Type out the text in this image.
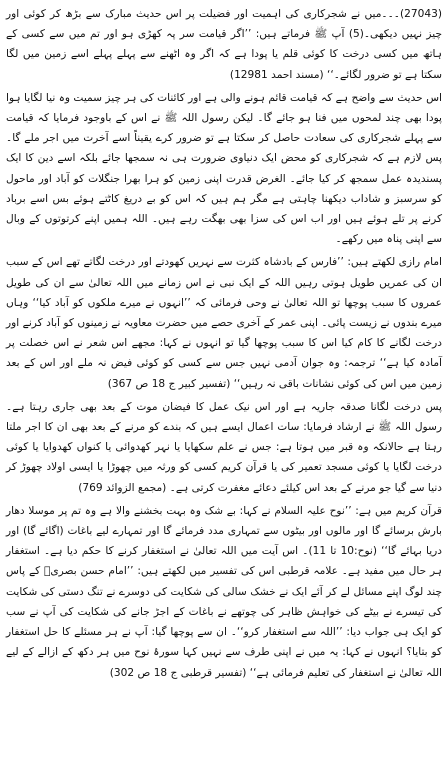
(27043)۔۔۔میں نے شجرکاری کی اہمیت اور فضیلت پر اس حدیث مبارک سے بڑھ کر کوئی اور چیز نہیں دیکھی۔(5) آپ ﷺ فرماتے ہیں: ’’اگر قیامت سر پہ کھڑی ہو اور تم میں سے کسی کے ہاتھ میں کسی درخت کا کوئی قلم یا پودا ہے کہ اگر وہ اٹھنے سے پہلے پہلے اسے زمین میں لگا سکتا ہے تو ضرور لگائے۔‘‘ (مسند احمد 12981)

اس حدیث سے واضح ہے کہ قیامت قائم ہونے والی ہے اور کائنات کی ہر چیز سمیت وہ نیا لگایا ہوا پودا بھی چند لمحوں میں فنا ہو جائے گا۔ لیکن رسول اللہ ﷺ نے اس کے باوجود فرمایا کہ قیامت سے پہلے شجرکاری کی سعادت حاصل کر سکتا ہے تو ضرور کرے یقیناً اسے آخرت میں اجر ملے گا۔ پس لازم ہے کہ شجرکاری کو محض ایک دنیاوی ضرورت ہی نہ سمجھا جائے بلکہ اسے دین کا ایک پسندیدہ عمل سمجھ کر کیا جائے۔ الغرض قدرت اپنی زمین کو ہرا بھرا جنگلات کو آباد اور ماحول کو سرسبز و شاداب دیکھنا چاہتی ہے مگر ہم ہیں کہ اس کو بے دریغ کاٹتے ہوئے بس اسے برباد کرنے پر تلے ہوئے ہیں اور اب اس کی سزا بھی بھگت رہے ہیں۔ اللہ ہمیں اپنے کرتوتوں کے وبال سے اپنی پناہ میں رکھے۔

امام رازی لکھتے ہیں: ’’فارس کے بادشاہ کثرت سے نہریں کھودتے اور درخت لگاتے تھے اس کے سبب ان کی عمریں طویل ہوتی رہیں اللہ کے ایک نبی نے اس زمانے میں اللہ تعالیٰ سے ان کی طویل عمروں کا سبب پوچھا تو اللہ تعالیٰ نے وحی فرمائی کہ ’’انہوں نے میرے ملکوں کو آباد کیا‘‘ وہاں میرے بندوں نے زیست پائی۔ اپنی عمر کے آخری حصے میں حضرت معاویہ نے زمینوں کو آباد کرنے اور درخت لگانے کا کام کیا اس کا سبب پوچھا گیا تو انہوں نے کہا: مجھے اس شعر نے اس خصلت پر آمادہ کیا ہے‘‘ ترجمہ: وہ جوان آدمی نہیں جس سے کسی کو کوئی فیض نہ ملے اور اس کے بعد زمین میں اس کی کوئی نشانات باقی نہ رہیں‘‘ (تفسیر کبیر ج 18 ص 367)

پس درخت لگانا صدقہ جاریہ ہے اور اس نیک عمل کا فیضان موت کے بعد بھی جاری رہتا ہے۔ رسول اللہ ﷺ نے ارشاد فرمایا: سات اعمال ایسے ہیں کہ بندے کو مرنے کے بعد بھی ان کا اجر ملتا رہتا ہے حالانکہ وہ قبر میں ہوتا ہے: جس نے علم سکھایا یا نہر کھدوائی یا کنواں کھدوایا یا کوئی درخت لگایا یا کوئی مسجد تعمیر کی یا قرآن کریم کسی کو ورثہ میں چھوڑا یا ایسی اولاد چھوڑ کر دنیا سے گیا جو مرنے کے بعد اس کیلئے دعائے مغفرت کرتی ہے۔ (مجمع الزوائد 769)

قرآن کریم میں ہے: ’’نوح علیہ السلام نے کہا: بے شک وہ بہت بخشنے والا ہے وہ تم پر موسلا دھار بارش برسائے گا اور مالوں اور بیٹوں سے تمہاری مدد فرمائے گا اور تمہارے لیے باغات (اگائے گا) اور دریا بہائے گا‘‘ (نوح:10 تا 11)۔ اس آیت میں اللہ تعالیٰ نے استغفار کرنے کا حکم دیا ہے۔ استغفار ہر حال میں مفید ہے۔ علامہ قرطبی اس کی تفسیر میں لکھتے ہیں: ’’امام حسن بصریؒ کے پاس چند لوگ اپنے مسائل لے کر آئے ایک نے خشک سالی کی شکایت کی دوسرے نے تنگ دستی کی شکایت کی تیسرے نے بیٹے کی خواہش ظاہر کی چوتھے نے باغات کے اجڑ جانے کی شکایت کی آپ نے سب کو ایک ہی جواب دیا: ’’اللہ سے استغفار کرو‘‘۔ ان سے پوچھا گیا: آپ نے ہر مسئلے کا حل استغفار کو بتایا؟ انہوں نے کہا: یہ میں نے اپنی طرف سے نہیں کہا سورۂ نوح میں ہر دکھ کے ازالے کے لیے اللہ تعالیٰ نے استغفار کی تعلیم فرمائی ہے‘‘ (تفسیر قرطبی ج 18 ص 302)
